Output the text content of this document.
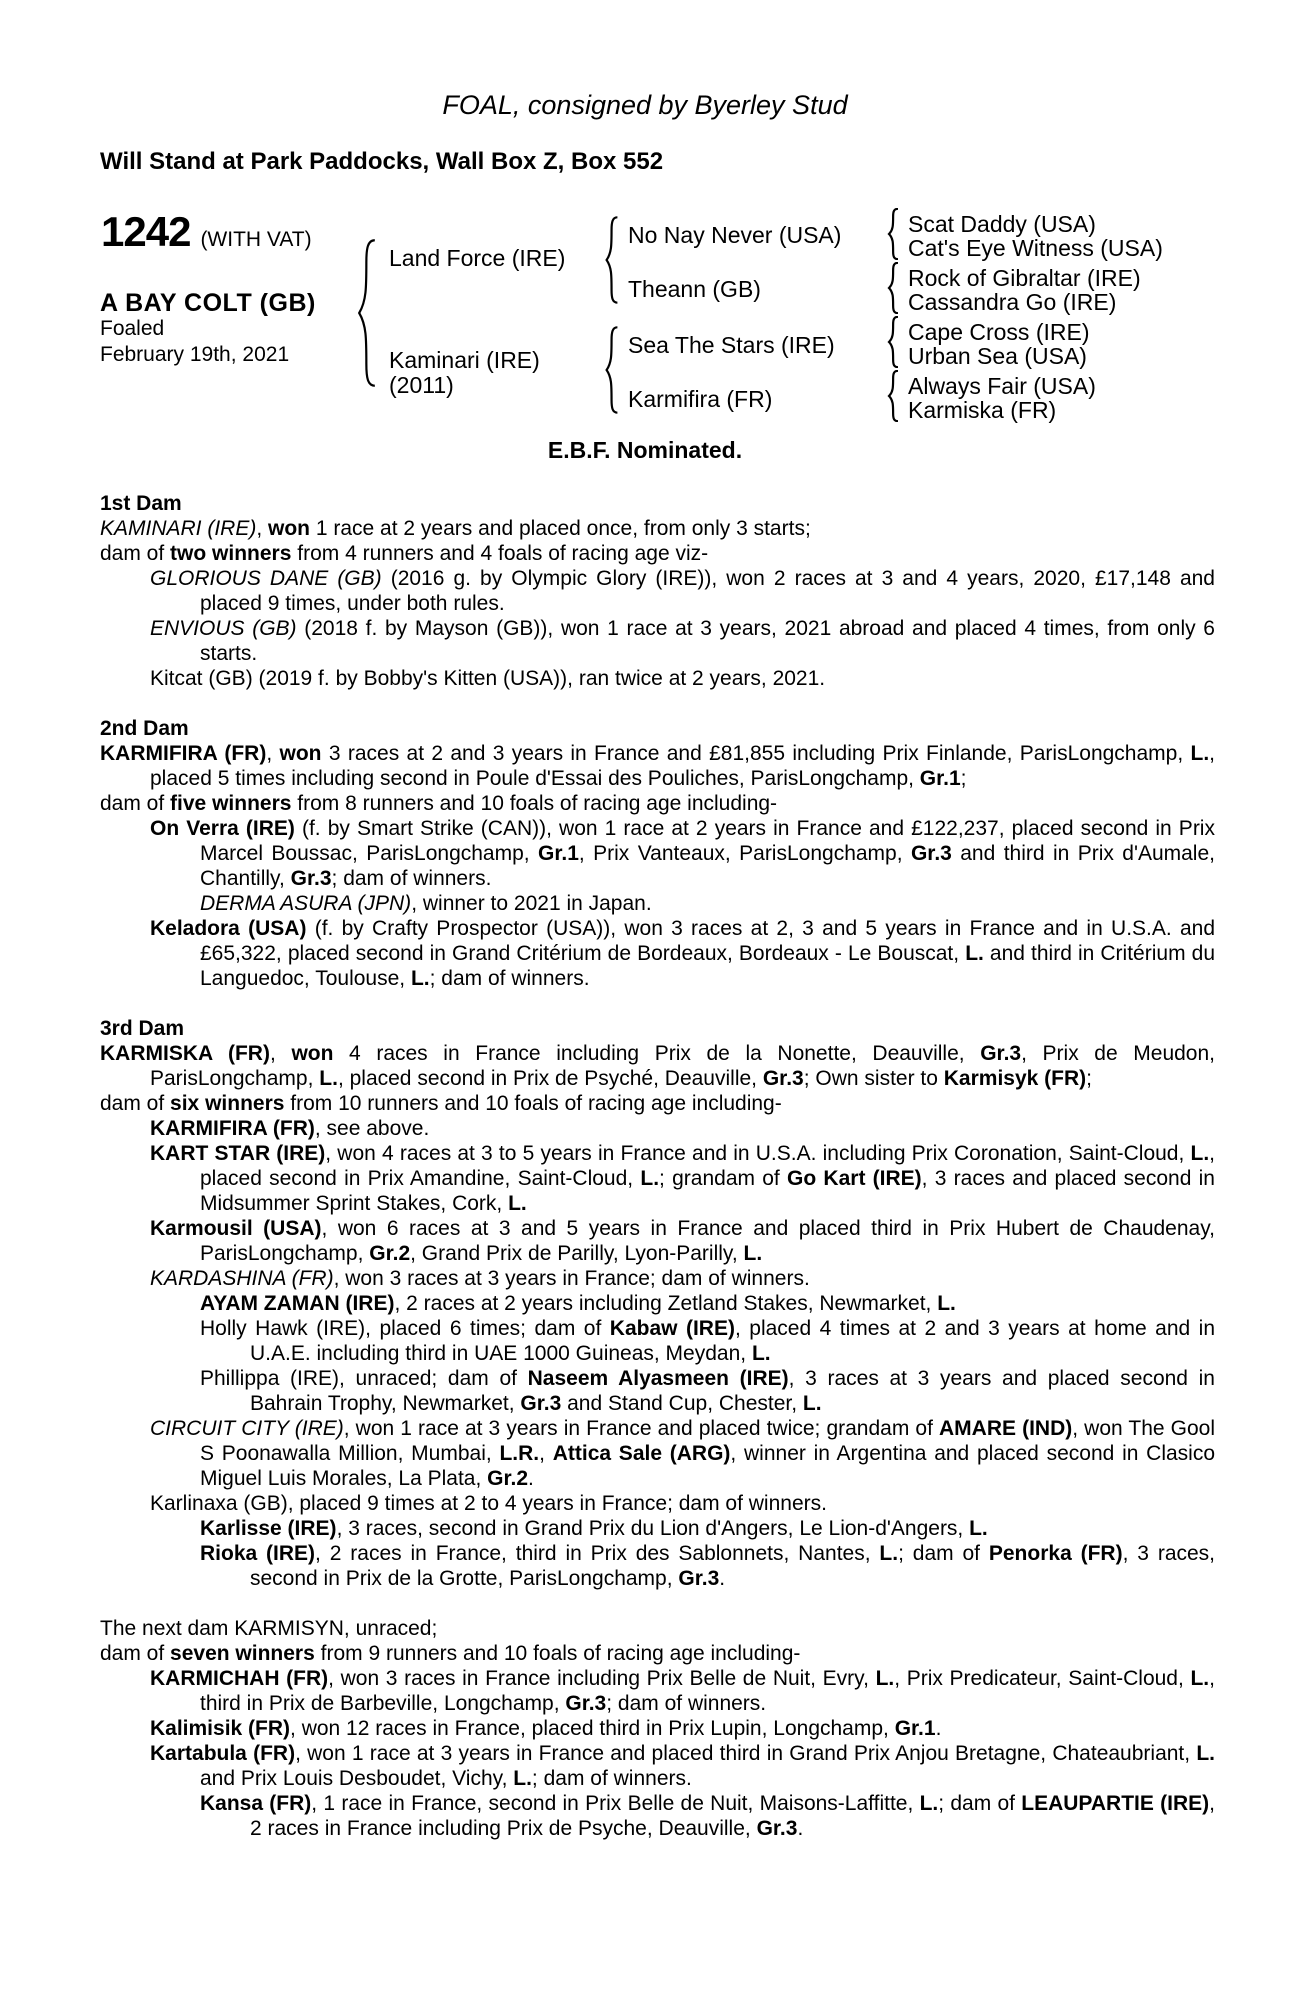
FOAL, consigned by Byerley Stud
Will Stand at Park Paddocks, Wall Box Z, Box 552
1242 (WITH VAT)
A BAY COLT (GB)
Foaled
February 19th, 2021
Land Force (IRE)
Kaminari (IRE)
(2011)
No Nay Never (USA)
Theann (GB)
Sea The Stars (IRE)
Karmifira (FR)
Scat Daddy (USA)
Cat's Eye Witness (USA)
Rock of Gibraltar (IRE)
Cassandra Go (IRE)
Cape Cross (IRE)
Urban Sea (USA)
Always Fair (USA)
Karmiska (FR)
E.B.F. Nominated.
1st Dam

KAMINARI (IRE), won 1 race at 2 years and placed once, from only 3 starts;

dam of two winners from 4 runners and 4 foals of racing age viz-

GLORIOUS DANE (GB) (2016 g. by Olympic Glory (IRE)), won 2 races at 3 and 4 years, 2020, £17,148 and placed 9 times, under both rules.

ENVIOUS (GB) (2018 f. by Mayson (GB)), won 1 race at 3 years, 2021 abroad and placed 4 times, from only 6 starts.

Kitcat (GB) (2019 f. by Bobby's Kitten (USA)), ran twice at 2 years, 2021.

2nd Dam

KARMIFIRA (FR), won 3 races at 2 and 3 years in France and £81,855 including Prix Finlande, ParisLongchamp, L., placed 5 times including second in Poule d'Essai des Pouliches, ParisLongchamp, Gr.1;

dam of five winners from 8 runners and 10 foals of racing age including-

On Verra (IRE) (f. by Smart Strike (CAN)), won 1 race at 2 years in France and £122,237, placed second in Prix Marcel Boussac, ParisLongchamp, Gr.1, Prix Vanteaux, ParisLongchamp, Gr.3 and third in Prix d'Aumale, Chantilly, Gr.3; dam of winners.

DERMA ASURA (JPN), winner to 2021 in Japan.

Keladora (USA) (f. by Crafty Prospector (USA)), won 3 races at 2, 3 and 5 years in France and in U.S.A. and £65,322, placed second in Grand Critérium de Bordeaux, Bordeaux - Le Bouscat, L. and third in Critérium du Languedoc, Toulouse, L.; dam of winners.

3rd Dam

KARMISKA (FR), won 4 races in France including Prix de la Nonette, Deauville, Gr.3, Prix de Meudon, ParisLongchamp, L., placed second in Prix de Psyché, Deauville, Gr.3; Own sister to Karmisyk (FR);

dam of six winners from 10 runners and 10 foals of racing age including-

KARMIFIRA (FR), see above.

KART STAR (IRE), won 4 races at 3 to 5 years in France and in U.S.A. including Prix Coronation, Saint-Cloud, L., placed second in Prix Amandine, Saint-Cloud, L.; grandam of Go Kart (IRE), 3 races and placed second in Midsummer Sprint Stakes, Cork, L.

Karmousil (USA), won 6 races at 3 and 5 years in France and placed third in Prix Hubert de Chaudenay, ParisLongchamp, Gr.2, Grand Prix de Parilly, Lyon-Parilly, L.

KARDASHINA (FR), won 3 races at 3 years in France; dam of winners.

AYAM ZAMAN (IRE), 2 races at 2 years including Zetland Stakes, Newmarket, L.

Holly Hawk (IRE), placed 6 times; dam of Kabaw (IRE), placed 4 times at 2 and 3 years at home and in U.A.E. including third in UAE 1000 Guineas, Meydan, L.

Phillippa (IRE), unraced; dam of Naseem Alyasmeen (IRE), 3 races at 3 years and placed second in Bahrain Trophy, Newmarket, Gr.3 and Stand Cup, Chester, L.

CIRCUIT CITY (IRE), won 1 race at 3 years in France and placed twice; grandam of AMARE (IND), won The Gool S Poonawalla Million, Mumbai, L.R., Attica Sale (ARG), winner in Argentina and placed second in Clasico Miguel Luis Morales, La Plata, Gr.2.

Karlinaxa (GB), placed 9 times at 2 to 4 years in France; dam of winners.

Karlisse (IRE), 3 races, second in Grand Prix du Lion d'Angers, Le Lion-d'Angers, L.

Rioka (IRE), 2 races in France, third in Prix des Sablonnets, Nantes, L.; dam of Penorka (FR), 3 races, second in Prix de la Grotte, ParisLongchamp, Gr.3.

The next dam KARMISYN, unraced;

dam of seven winners from 9 runners and 10 foals of racing age including-

KARMICHAH (FR), won 3 races in France including Prix Belle de Nuit, Evry, L., Prix Predicateur, Saint-Cloud, L., third in Prix de Barbeville, Longchamp, Gr.3; dam of winners.

Kalimisik (FR), won 12 races in France, placed third in Prix Lupin, Longchamp, Gr.1.

Kartabula (FR), won 1 race at 3 years in France and placed third in Grand Prix Anjou Bretagne, Chateaubriant, L. and Prix Louis Desboudet, Vichy, L.; dam of winners.

Kansa (FR), 1 race in France, second in Prix Belle de Nuit, Maisons-Laffitte, L.; dam of LEAUPARTIE (IRE), 2 races in France including Prix de Psyche, Deauville, Gr.3.
